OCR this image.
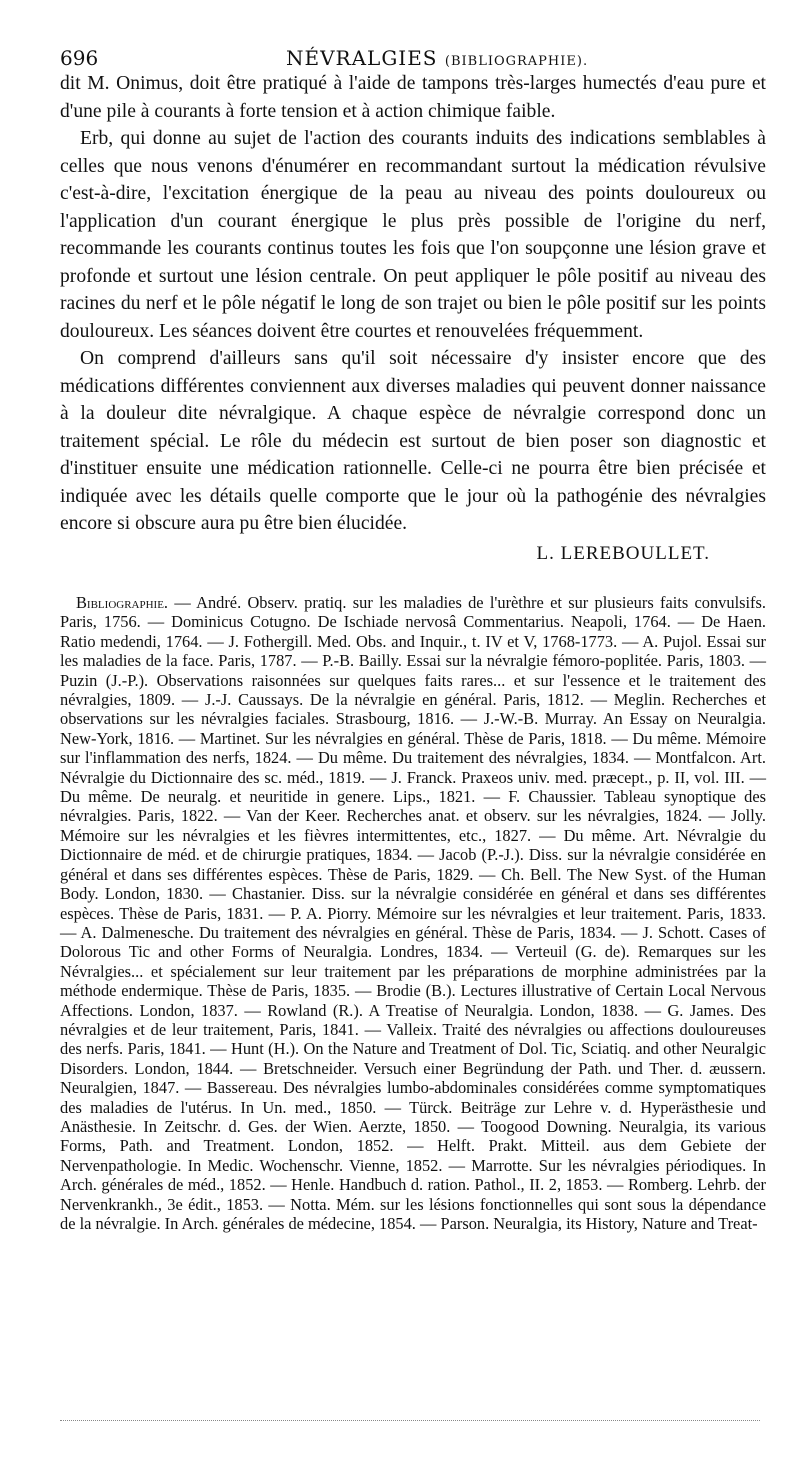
696	NÉVRALGIES (BIBLIOGRAPHIE).

dit M. Onimus, doit être pratiqué à l'aide de tampons très-larges humectés d'eau pure et d'une pile à courants à forte tension et à action chimique faible.

Erb, qui donne au sujet de l'action des courants induits des indications semblables à celles que nous venons d'énumérer en recommandant surtout la médication révulsive c'est-à-dire, l'excitation énergique de la peau au niveau des points douloureux ou l'application d'un courant énergique le plus près possible de l'origine du nerf, recommande les courants continus toutes les fois que l'on soupçonne une lésion grave et profonde et surtout une lésion centrale. On peut appliquer le pôle positif au niveau des racines du nerf et le pôle négatif le long de son trajet ou bien le pôle positif sur les points douloureux. Les séances doivent être courtes et renouvelées fréquemment.

On comprend d'ailleurs sans qu'il soit nécessaire d'y insister encore que des médications différentes conviennent aux diverses maladies qui peuvent donner naissance à la douleur dite névralgique. A chaque espèce de névralgie correspond donc un traitement spécial. Le rôle du médecin est surtout de bien poser son diagnostic et d'instituer ensuite une médication rationnelle. Celle-ci ne pourra être bien précisée et indiquée avec les détails quelle comporte que le jour où la pathogénie des névralgies encore si obscure aura pu être bien élucidée.

L. LEREBOULLET.
Bibliographie. — André. Observ. pratiq. sur les maladies de l'urèthre et sur plusieurs faits convulsifs. Paris, 1756. — Dominicus Cotugno. De Ischiade nervosâ Commentarius. Neapoli, 1764. — De Haen. Ratio medendi, 1764. — J. Fothergill. Med. Obs. and Inquir., t. IV et V, 1768-1773. — A. Pujol. Essai sur les maladies de la face. Paris, 1787. — P.-B. Bailly. Essai sur la névralgie fémoro-poplitée. Paris, 1803. — Puzin (J.-P.). Observations raisonnées sur quelques faits rares... et sur l'essence et le traitement des névralgies, 1809. — J.-J. Caussays. De la névralgie en général. Paris, 1812. — Meglin. Recherches et observations sur les névralgies faciales. Strasbourg, 1816. — J.-W.-B. Murray. An Essay on Neuralgia. New-York, 1816. — Martinet. Sur les névralgies en général. Thèse de Paris, 1818. — Du même. Mémoire sur l'inflammation des nerfs, 1824. — Du même. Du traitement des névralgies, 1834. — Montfalcon. Art. Névralgie du Dictionnaire des sc. méd., 1819. — J. Franck. Praxeos univ. med. præcept., p. II, vol. III. — Du même. De neuralg. et neuritide in genere. Lips., 1821. — F. Chaussier. Tableau synoptique des névralgies. Paris, 1822. — Van der Keer. Recherches anat. et observ. sur les névralgies, 1824. — Jolly. Mémoire sur les névralgies et les fièvres intermittentes, etc., 1827. — Du même. Art. Névralgie du Dictionnaire de méd. et de chirurgie pratiques, 1834. — Jacob (P.-J.). Diss. sur la névralgie considérée en général et dans ses différentes espèces. Thèse de Paris, 1829. — Ch. Bell. The New Syst. of the Human Body. London, 1830. — Chastanier. Diss. sur la névralgie considérée en général et dans ses différentes espèces. Thèse de Paris, 1831. — P. A. Piorry. Mémoire sur les névralgies et leur traitement. Paris, 1833. — A. Dalmenesche. Du traitement des névralgies en général. Thèse de Paris, 1834. — J. Schott. Cases of Dolorous Tic and other Forms of Neuralgia. Londres, 1834. — Verteuil (G. de). Remarques sur les Névralgies... et spécialement sur leur traitement par les préparations de morphine administrées par la méthode endermique. Thèse de Paris, 1835. — Brodie (B.). Lectures illustrative of Certain Local Nervous Affections. London, 1837. — Rowland (R.). A Treatise of Neuralgia. London, 1838. — G. James. Des névralgies et de leur traitement, Paris, 1841. — Valleix. Traité des névralgies ou affections douloureuses des nerfs. Paris, 1841. — Hunt (H.). On the Nature and Treatment of Dol. Tic, Sciatiq. and other Neuralgic Disorders. London, 1844. — Bretschneider. Versuch einer Begründung der Path. und Ther. d. æussern. Neuralgien, 1847. — Bassereau. Des névralgies lumbo-abdominales considérées comme symptomatiques des maladies de l'utérus. In Un. med., 1850. — Türck. Beiträge zur Lehre v. d. Hyperästhesie und Anästhesie. In Zeitschr. d. Ges. der Wien. Aerzte, 1850. — Toogood Downing. Neuralgia, its various Forms, Path. and Treatment. London, 1852. — Helft. Prakt. Mitteil. aus dem Gebiete der Nervenpathologie. In Medic. Wochenschr. Vienne, 1852. — Marrotte. Sur les névralgies périodiques. In Arch. générales de méd., 1852. — Henle. Handbuch d. ration. Pathol., II. 2, 1853. — Romberg. Lehrb. der Nervenkrankh., 3e édit., 1853. — Notta. Mém. sur les lésions fonctionnelles qui sont sous la dépendance de la névralgie. In Arch. générales de médecine, 1854. — Parson. Neuralgia, its History, Nature and Treat-
